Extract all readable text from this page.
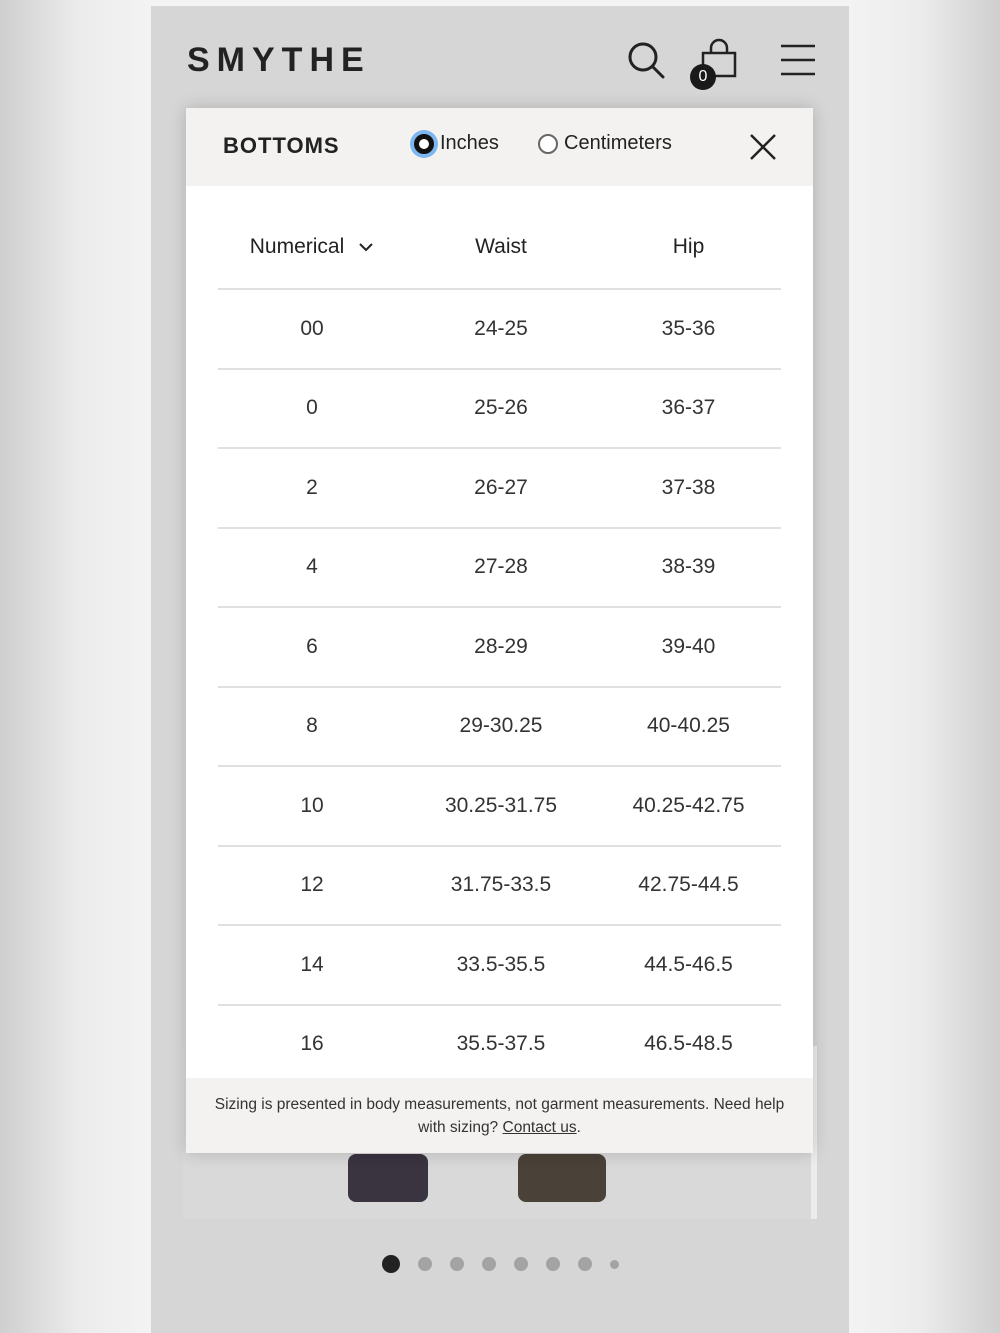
SMYTHE	0
BOTTOMS	Inches	Centimeters
Numerical	Waist	Hip
00	24-25	35-36
0	25-26	36-37
2	26-27	37-38
4	27-28	38-39
6	28-29	39-40
8	29-30.25	40-40.25
10	30.25-31.75	40.25-42.75
12	31.75-33.5	42.75-44.5
14	33.5-35.5	44.5-46.5
16	35.5-37.5	46.5-48.5
Sizing is presented in body measurements, not garment measurements. Need help with sizing? Contact us.
